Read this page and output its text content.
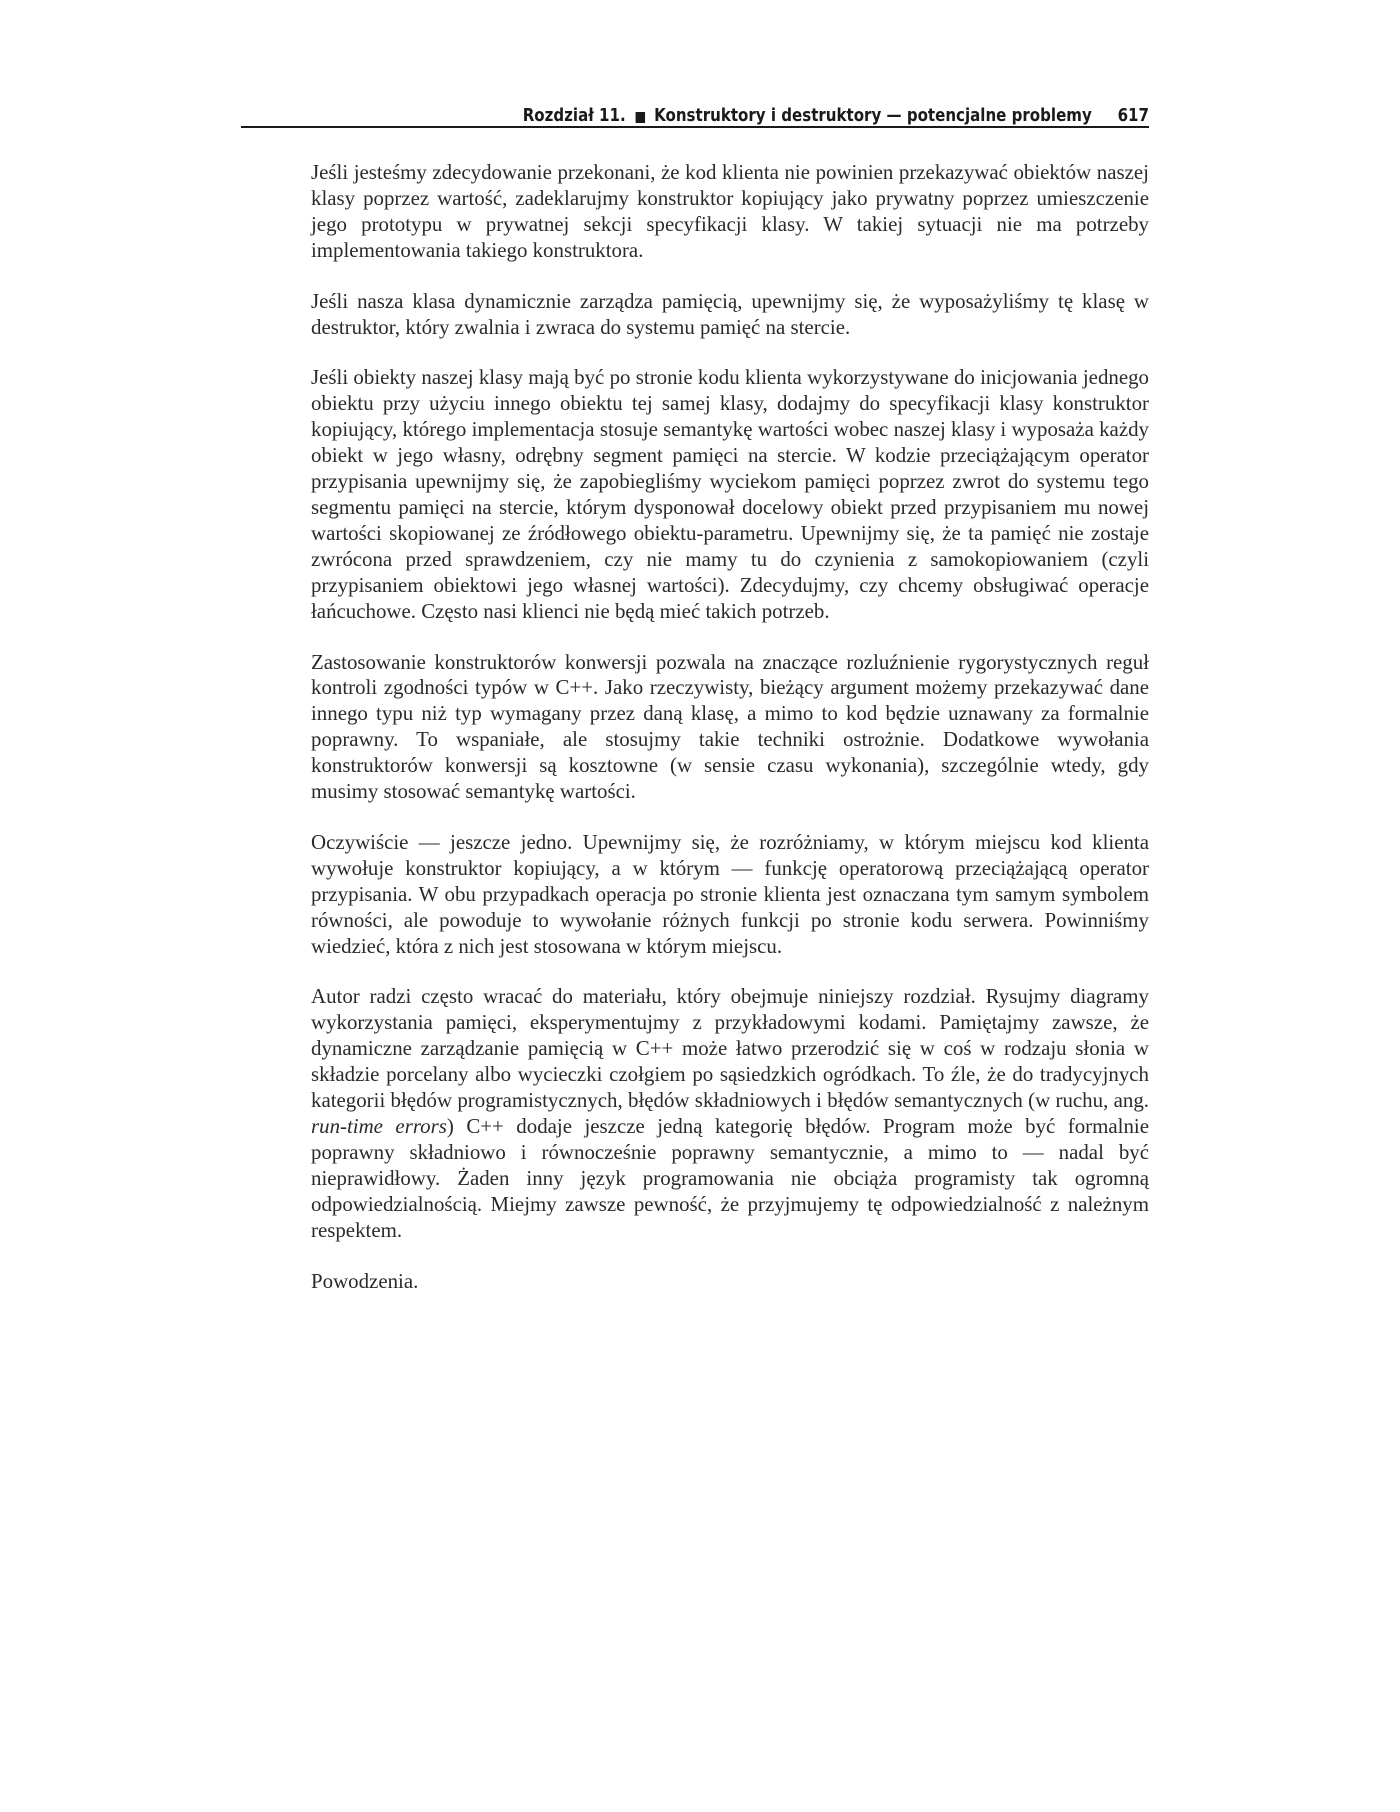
Rozdział 11. Konstruktory i destruktory — potencjalne problemy 617

Jeśli jesteśmy zdecydowanie przekonani, że kod klienta nie powinien przekazywać obiektów naszej klasy poprzez wartość, zadeklarujmy konstruktor kopiujący jako prywatny poprzez umieszczenie jego prototypu w prywatnej sekcji specyfikacji klasy. W takiej sytuacji nie ma potrzeby implementowania takiego konstruktora.

Jeśli nasza klasa dynamicznie zarządza pamięcią, upewnijmy się, że wyposażyliśmy tę klasę w destruktor, który zwalnia i zwraca do systemu pamięć na stercie.

Jeśli obiekty naszej klasy mają być po stronie kodu klienta wykorzystywane do inicjowania jednego obiektu przy użyciu innego obiektu tej samej klasy, dodajmy do specyfikacji klasy konstruktor kopiujący, którego implementacja stosuje semantykę wartości wobec naszej klasy i wyposaża każdy obiekt w jego własny, odrębny segment pamięci na stercie. W kodzie przeciążającym operator przypisania upewnijmy się, że zapobiegliśmy wyciekom pamięci poprzez zwrot do systemu tego segmentu pamięci na stercie, którym dysponował docelowy obiekt przed przypisaniem mu nowej wartości skopiowanej ze źródłowego obiektu-parametru. Upewnijmy się, że ta pamięć nie zostaje zwrócona przed sprawdzeniem, czy nie mamy tu do czynienia z samokopiowaniem (czyli przypisaniem obiektowi jego własnej wartości). Zdecydujmy, czy chcemy obsługiwać operacje łańcuchowe. Często nasi klienci nie będą mieć takich potrzeb.

Zastosowanie konstruktorów konwersji pozwala na znaczące rozluźnienie rygorystycznych reguł kontroli zgodności typów w C++. Jako rzeczywisty, bieżący argument możemy przekazywać dane innego typu niż typ wymagany przez daną klasę, a mimo to kod będzie uznawany za formalnie poprawny. To wspaniałe, ale stosujmy takie techniki ostrożnie. Dodatkowe wywołania konstruktorów konwersji są kosztowne (w sensie czasu wykonania), szczególnie wtedy, gdy musimy stosować semantykę wartości.

Oczywiście — jeszcze jedno. Upewnijmy się, że rozróżniamy, w którym miejscu kod klienta wywołuje konstruktor kopiujący, a w którym — funkcję operatorową przeciążającą operator przypisania. W obu przypadkach operacja po stronie klienta jest oznaczana tym samym symbolem równości, ale powoduje to wywołanie różnych funkcji po stronie kodu serwera. Powinniśmy wiedzieć, która z nich jest stosowana w którym miejscu.

Autor radzi często wracać do materiału, który obejmuje niniejszy rozdział. Rysujmy diagramy wykorzystania pamięci, eksperymentujmy z przykładowymi kodami. Pamiętajmy zawsze, że dynamiczne zarządzanie pamięcią w C++ może łatwo przerodzić się w coś w rodzaju słonia w składzie porcelany albo wycieczki czołgiem po sąsiedzkich ogródkach. To źle, że do tradycyjnych kategorii błędów programistycznych, błędów składniowych i błędów semantycznych (w ruchu, ang. run-time errors) C++ dodaje jeszcze jedną kategorię błędów. Program może być formalnie poprawny składniowo i równocześnie poprawny semantycznie, a mimo to — nadal być nieprawidłowy. Żaden inny język programowania nie obciąża programisty tak ogromną odpowiedzialnością. Miejmy zawsze pewność, że przyjmujemy tę odpowiedzialność z należnym respektem.

Powodzenia.
